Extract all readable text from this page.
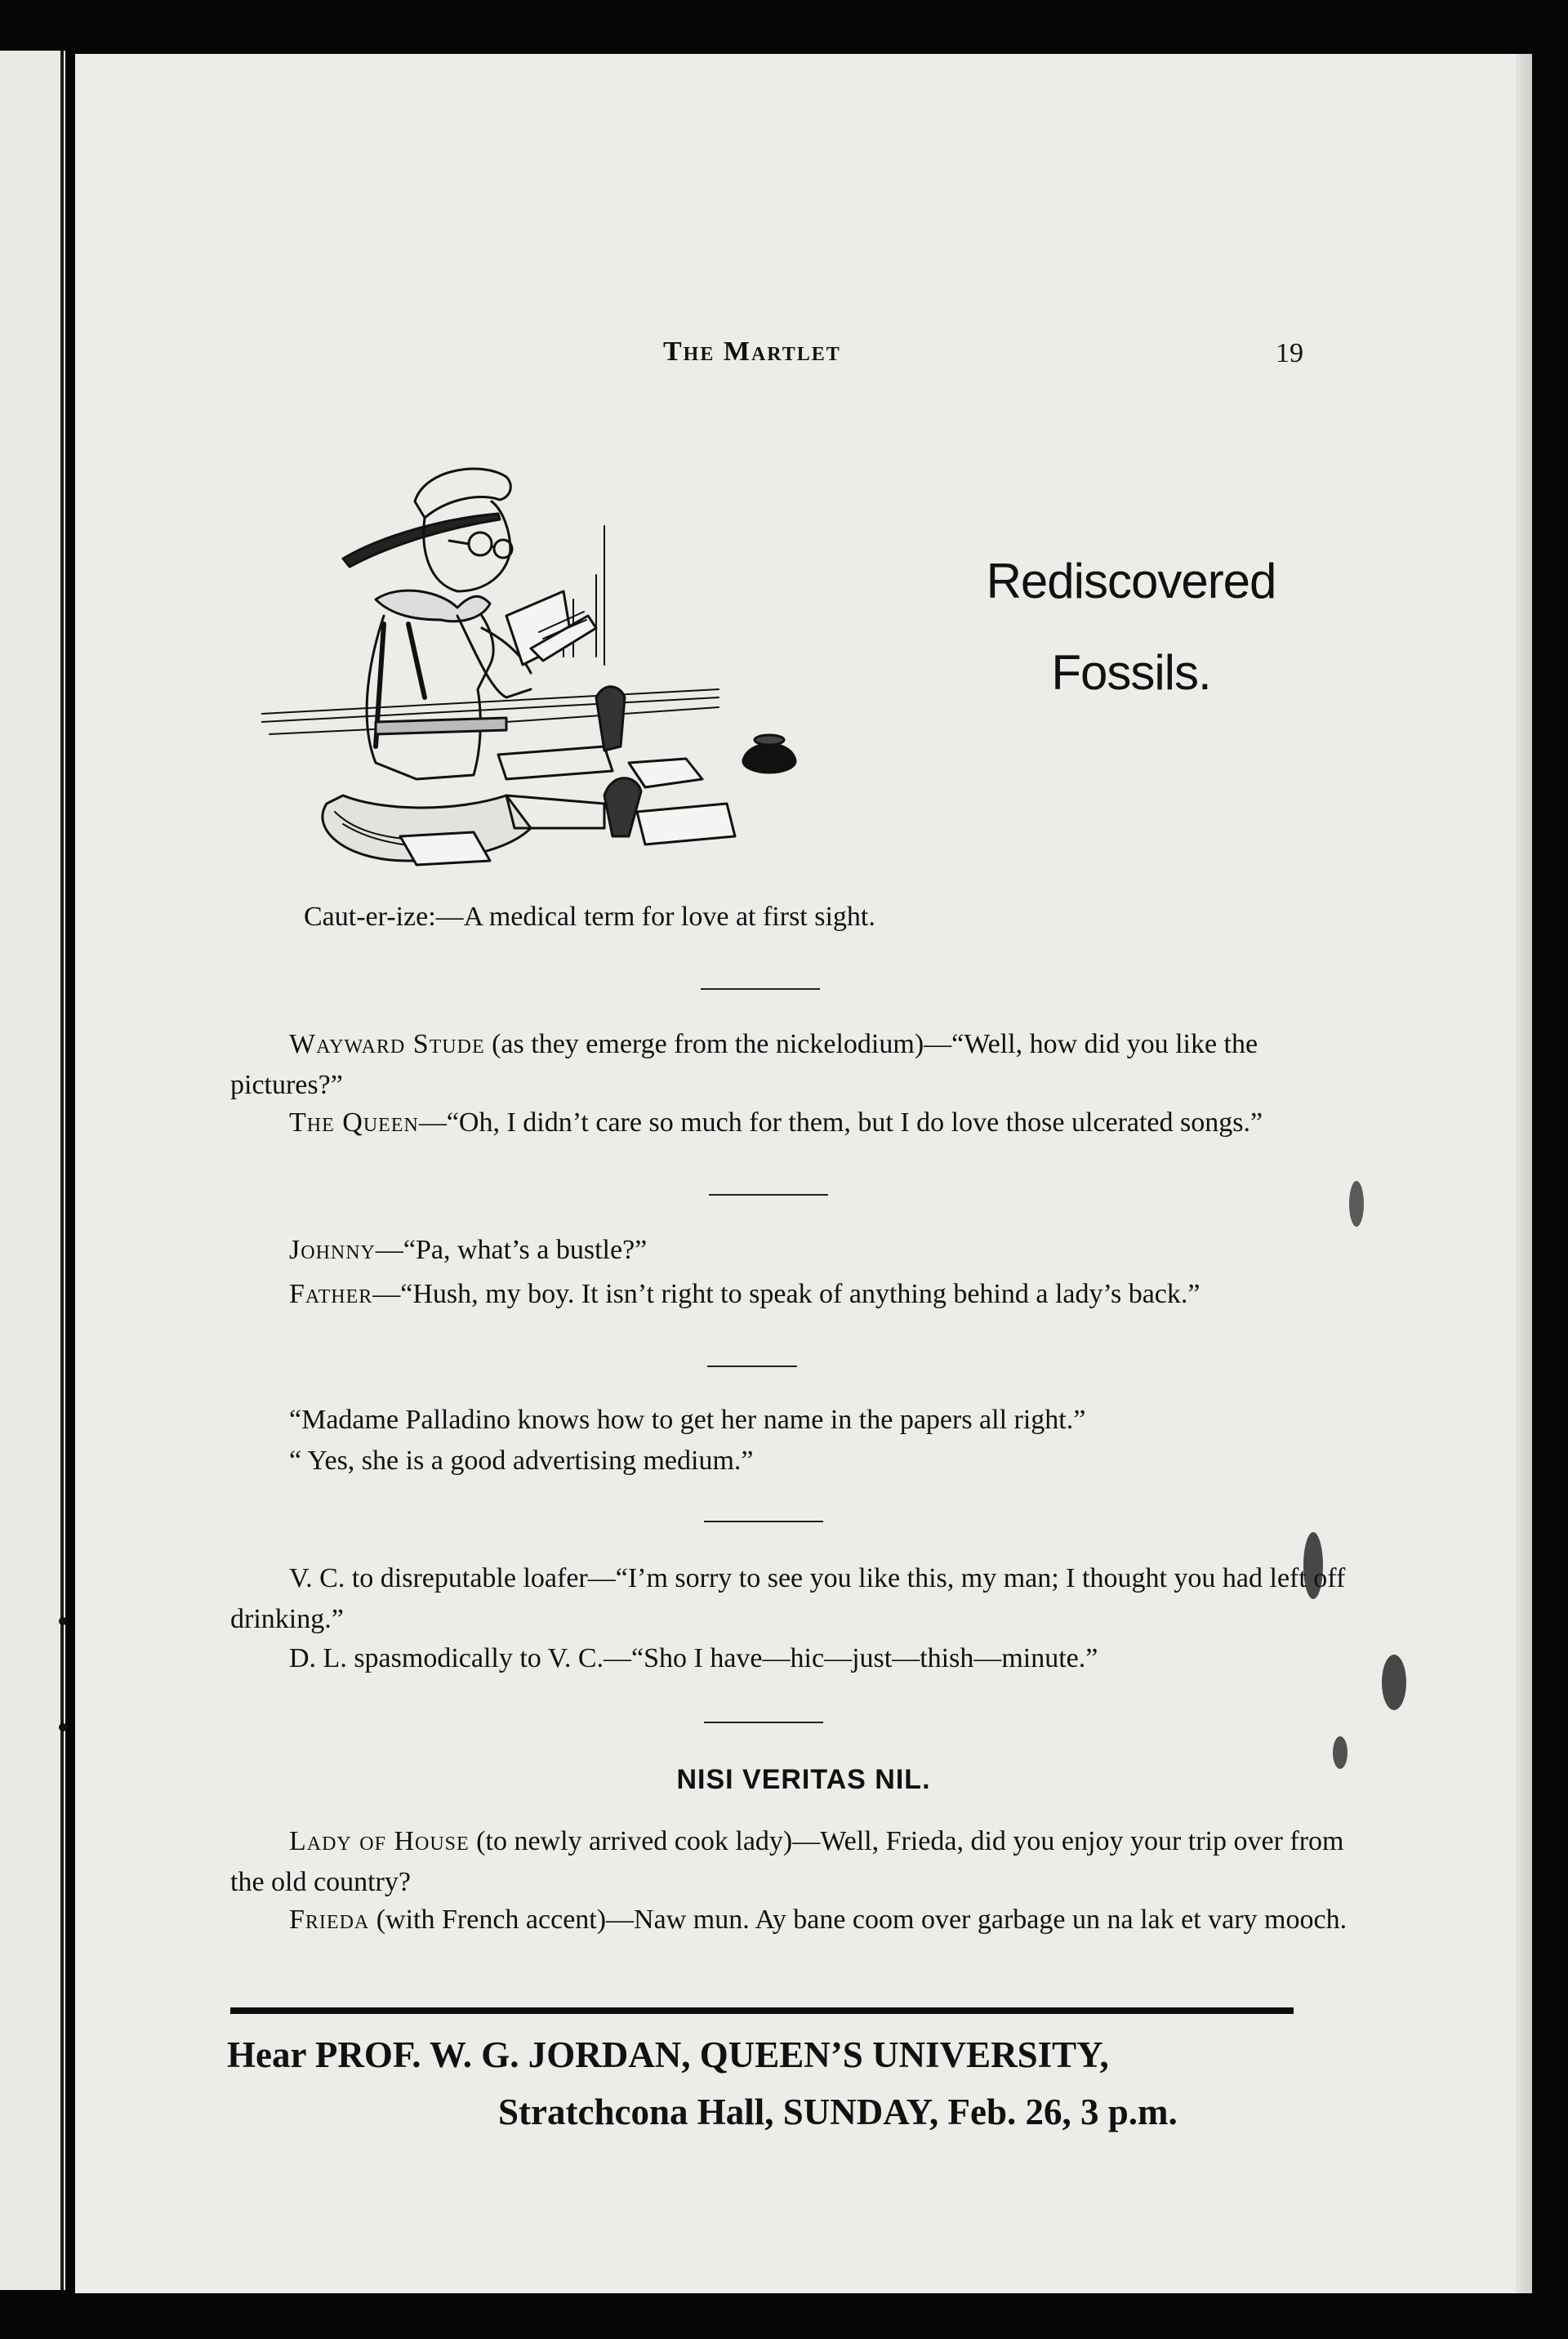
The Martlet	19
Rediscovered
Fossils.
Caut-er-ize:—A medical term for love at first sight.
Wayward Stude (as they emerge from the nickelodium)—“Well, how did you like the pictures?”
The Queen—“Oh, I didn’t care so much for them, but I do love those ulcerated songs.”
Johnny—“Pa, what’s a bustle?”
Father—“Hush, my boy. It isn’t right to speak of anything behind a lady’s back.”
“Madame Palladino knows how to get her name in the papers all right.”
“ Yes, she is a good advertising medium.”
V. C. to disreputable loafer—“I’m sorry to see you like this, my man; I thought you had left off drinking.”
D. L. spasmodically to V. C.—“Sho I have—hic—just—thish—minute.”
NISI VERITAS NIL.
Lady of House (to newly arrived cook lady)—Well, Frieda, did you enjoy your trip over from the old country?
Frieda (with French accent)—Naw mun. Ay bane coom over garbage un na lak et vary mooch.
Hear PROF. W. G. JORDAN, QUEEN’S UNIVERSITY,
Stratchcona Hall, SUNDAY, Feb. 26, 3 p.m.
